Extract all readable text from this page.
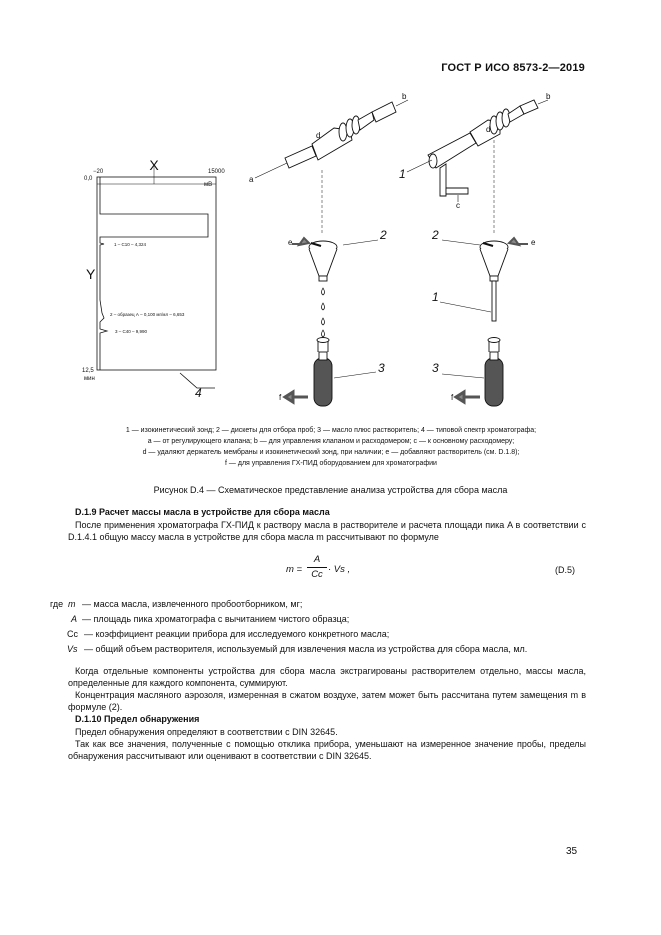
ГОСТ Р ИСО 8573-2—2019
X
Y
−20	15000
мВ
0,0
12,5
мин
1 – C10 – 4,324
2 – образец А – 0,100 мг/мл – 6,653
3 – C40 – 9,990
4
a
b
d
e
f
2
3
b
d
c
1
e
2
1
f
3
1 — изокинетический зонд; 2 — дискеты для отбора проб; 3 — масло плюс растворитель; 4 — типовой спектр хроматографа;
a — от регулирующего клапана; b — для управления клапаном и расходомером; c — к основному расходомеру;
d — удаляют держатель мембраны и изокинетический зонд, при наличии; e — добавляют растворитель (см. D.1.8);
f — для управления ГХ-ПИД оборудованием для хроматографии
Рисунок D.4 — Схематическое представление анализа устройства для сбора масла
D.1.9 Расчет массы масла в устройстве для сбора масла
После применения хроматографа ГХ-ПИД к раствору масла в растворителе и расчета площади пика A в соответствии с D.1.4.1 общую массу масла в устройстве для сбора масла m рассчитывают по формуле
m =
A
Cc · Vs ,	(D.5)
где m — масса масла, извлеченного пробоотборником, мг;
A — площадь пика хроматографа с вычитанием чистого образца;
Cc — коэффициент реакции прибора для исследуемого конкретного масла;
Vs — общий объем растворителя, используемый для извлечения масла из устройства для сбора масла, мл.
Когда отдельные компоненты устройства для сбора масла экстрагированы растворителем отдельно, массы масла, определенные для каждого компонента, суммируют.
Концентрация масляного аэрозоля, измеренная в сжатом воздухе, затем может быть рассчитана путем замещения m в формуле (2).
D.1.10 Предел обнаружения
Предел обнаружения определяют в соответствии с DIN 32645.
Так как все значения, полученные с помощью отклика прибора, уменьшают на измеренное значение пробы, пределы обнаружения рассчитывают или оценивают в соответствии с DIN 32645.
35
